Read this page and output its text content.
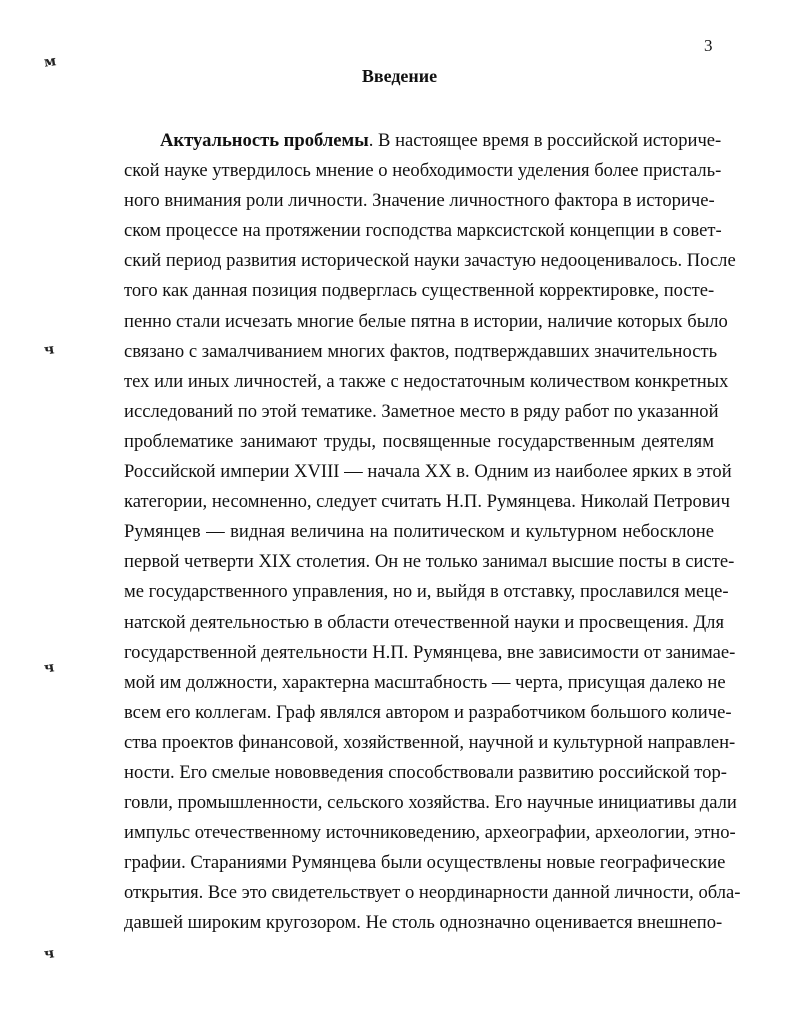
3
Введение
м
ч
ч
ч
Актуальность проблемы. В настоящее время в российской историче-
ской науке утвердилось мнение о необходимости уделения более присталь-
ного внимания роли личности. Значение личностного фактора в историче-
ском процессе на протяжении господства марксистской концепции в совет-
ский период развития исторической науки зачастую недооценивалось. После
того как данная позиция подверглась существенной корректировке, посте-
пенно стали исчезать многие белые пятна в истории, наличие которых было
связано с замалчиванием многих фактов, подтверждавших значительность
тех или иных личностей, а также с недостаточным количеством конкретных
исследований по этой тематике. Заметное место в ряду работ по указанной
проблематике занимают труды, посвященные государственным деятелям
Российской империи XVIII — начала XX в. Одним из наиболее ярких в этой
категории, несомненно, следует считать Н.П. Румянцева. Николай Петрович
Румянцев — видная величина на политическом и культурном небосклоне
первой четверти XIX столетия. Он не только занимал высшие посты в систе-
ме государственного управления, но и, выйдя в отставку, прославился меце-
натской деятельностью в области отечественной науки и просвещения. Для
государственной деятельности Н.П. Румянцева, вне зависимости от занимае-
мой им должности, характерна масштабность — черта, присущая далеко не
всем его коллегам. Граф являлся автором и разработчиком большого количе-
ства проектов финансовой, хозяйственной, научной и культурной направлен-
ности. Его смелые нововведения способствовали развитию российской тор-
говли, промышленности, сельского хозяйства. Его научные инициативы дали
импульс отечественному источниковедению, археографии, археологии, этно-
графии. Стараниями Румянцева были осуществлены новые географические
открытия. Все это свидетельствует о неординарности данной личности, обла-
давшей широким кругозором. Не столь однозначно оценивается внешнепо-
